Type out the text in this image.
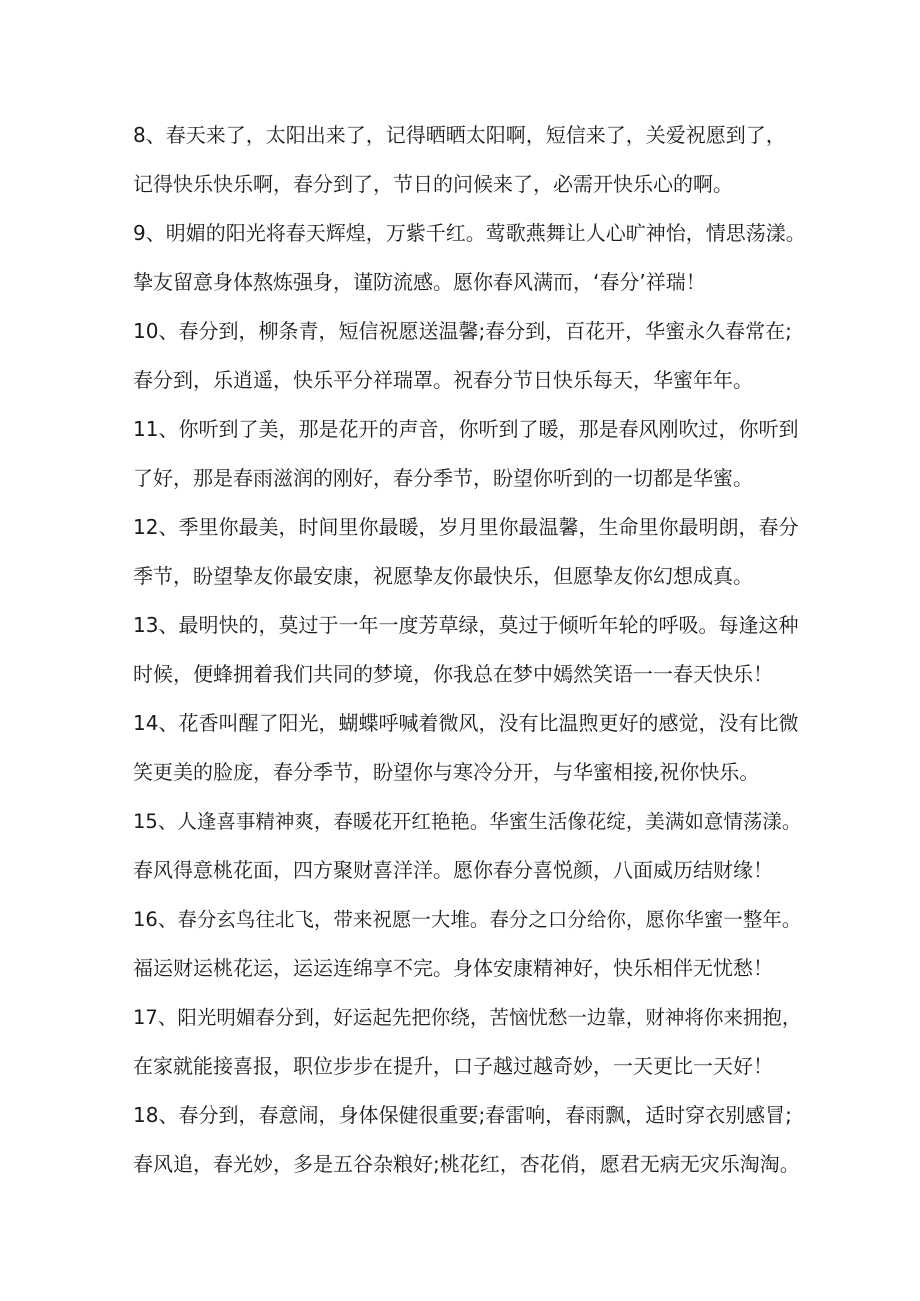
8、春天来了，太阳出来了，记得晒晒太阳啊，短信来了，关爱祝愿到了，
记得快乐快乐啊，春分到了，节日的问候来了，必需开快乐心的啊。
9、明媚的阳光将春天辉煌，万紫千红。莺歌燕舞让人心旷神怡，情思荡漾。
挚友留意身体熬炼强身，谨防流感。愿你春风满而，‘春分’祥瑞！
10、春分到，柳条青，短信祝愿送温馨;春分到，百花开，华蜜永久春常在;
春分到，乐逍遥，快乐平分祥瑞罩。祝春分节日快乐每天，华蜜年年。
11、你听到了美，那是花开的声音，你听到了暖，那是春风刚吹过，你听到
了好，那是春雨滋润的刚好，春分季节，盼望你听到的一切都是华蜜。
12、季里你最美，时间里你最暖，岁月里你最温馨，生命里你最明朗，春分
季节，盼望挚友你最安康，祝愿挚友你最快乐，但愿挚友你幻想成真。
13、最明快的，莫过于一年一度芳草绿，莫过于倾听年轮的呼吸。每逢这种
时候，便蜂拥着我们共同的梦境，你我总在梦中嫣然笑语一一春天快乐！
14、花香叫醒了阳光，蝴蝶呼喊着微风，没有比温煦更好的感觉，没有比微
笑更美的脸庞，春分季节，盼望你与寒冷分开，与华蜜相接,祝你快乐。
15、人逢喜事精神爽，春暖花开红艳艳。华蜜生活像花绽，美满如意情荡漾。
春风得意桃花面，四方聚财喜洋洋。愿你春分喜悦颜，八面威历结财缘！
16、春分玄鸟往北飞，带来祝愿一大堆。春分之口分给你，愿你华蜜一整年。
福运财运桃花运，运运连绵享不完。身体安康精神好，快乐相伴无忧愁！
17、阳光明媚春分到，好运起先把你绕，苦恼忧愁一边靠，财神将你来拥抱，
在家就能接喜报，职位步步在提升，口子越过越奇妙，一天更比一天好！
18、春分到，春意闹，身体保健很重要;春雷响，春雨飘，适时穿衣别感冒;
春风追，春光妙，多是五谷杂粮好;桃花红，杏花俏，愿君无病无灾乐淘淘。
